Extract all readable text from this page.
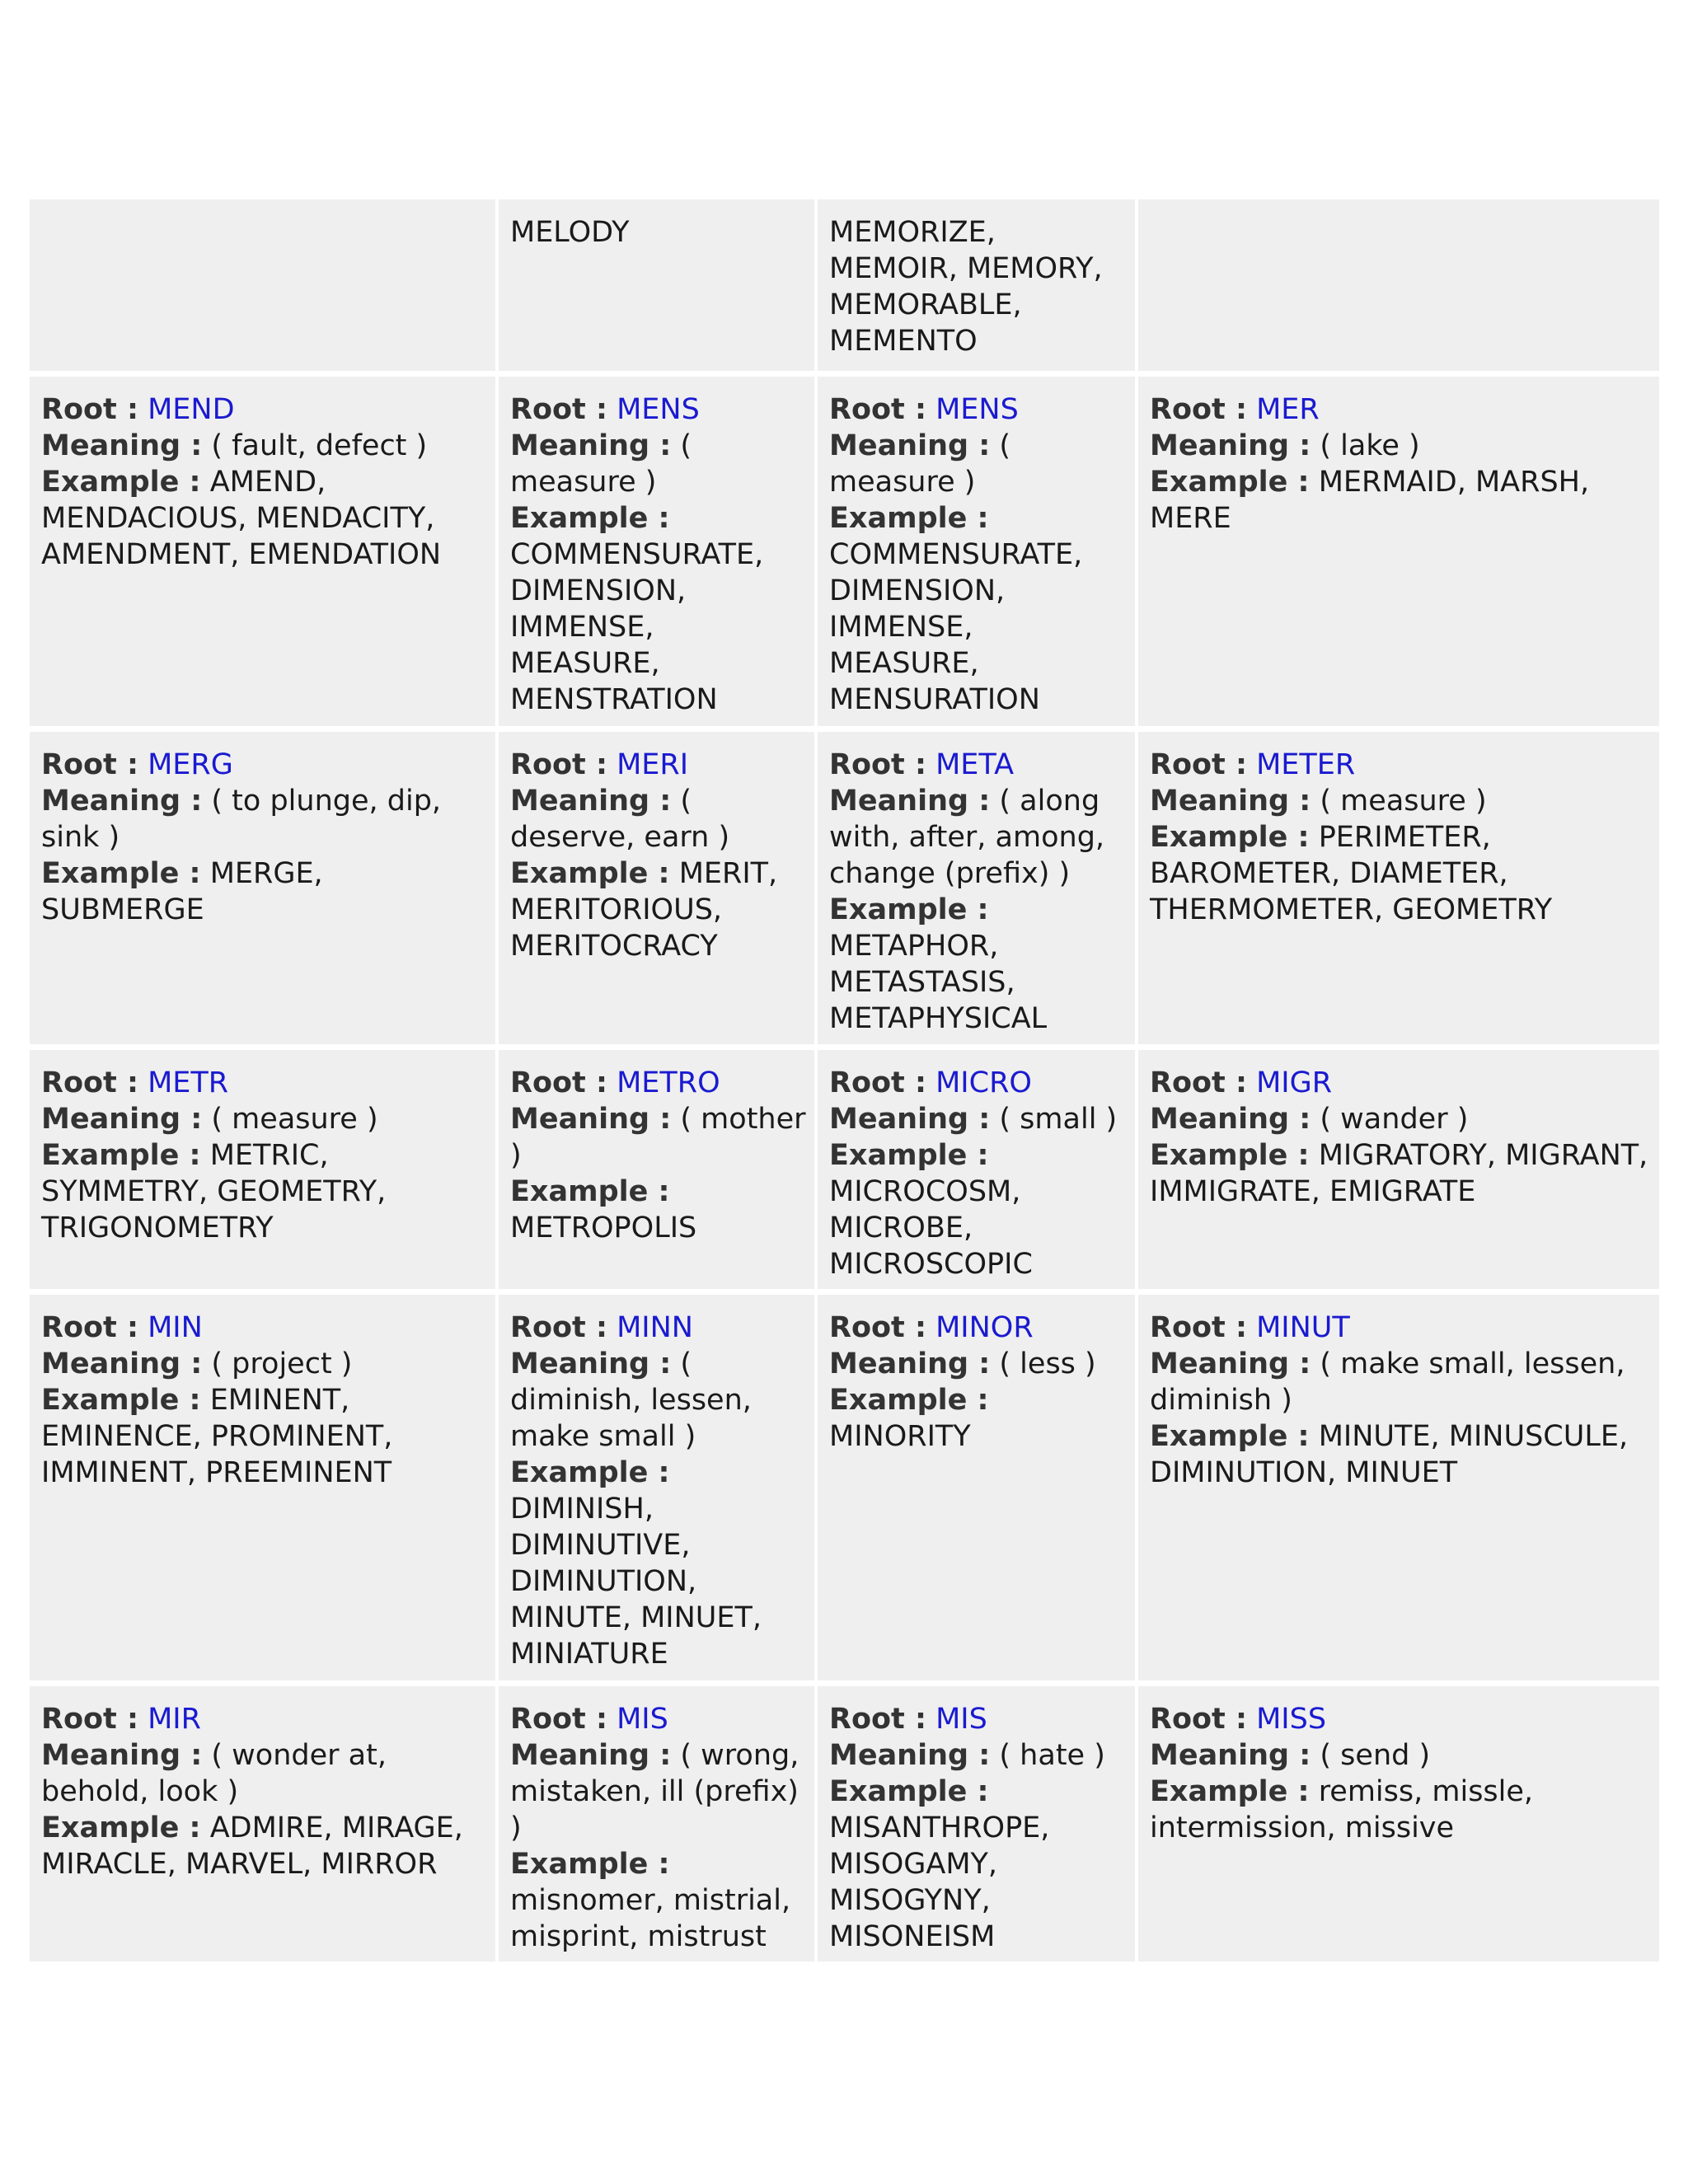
MELODY	MEMORIZE, MEMOIR, MEMORY, MEMORABLE, MEMENTO
Root : MEND
Meaning : ( fault, defect )
Example : AMEND, MENDACIOUS, MENDACITY, AMENDMENT, EMENDATION
Root : MENS
Meaning : ( measure )
Example : COMMENSURATE, DIMENSION, IMMENSE, MEASURE, MENSTRATION
Root : MENS
Meaning : ( measure )
Example : COMMENSURATE, DIMENSION, IMMENSE, MEASURE, MENSURATION
Root : MER
Meaning : ( lake )
Example : MERMAID, MARSH, MERE
Root : MERG
Meaning : ( to plunge, dip, sink )
Example : MERGE, SUBMERGE
Root : MERI
Meaning : ( deserve, earn )
Example : MERIT, MERITORIOUS, MERITOCRACY
Root : META
Meaning : ( along with, after, among, change (prefix) )
Example : METAPHOR, METASTASIS, METAPHYSICAL
Root : METER
Meaning : ( measure )
Example : PERIMETER, BAROMETER, DIAMETER, THERMOMETER, GEOMETRY
Root : METR
Meaning : ( measure )
Example : METRIC, SYMMETRY, GEOMETRY, TRIGONOMETRY
Root : METRO
Meaning : ( mother )
Example : METROPOLIS
Root : MICRO
Meaning : ( small )
Example : MICROCOSM, MICROBE, MICROSCOPIC
Root : MIGR
Meaning : ( wander )
Example : MIGRATORY, MIGRANT, IMMIGRATE, EMIGRATE
Root : MIN
Meaning : ( project )
Example : EMINENT, EMINENCE, PROMINENT, IMMINENT, PREEMINENT
Root : MINN
Meaning : ( diminish, lessen, make small )
Example : DIMINISH, DIMINUTIVE, DIMINUTION, MINUTE, MINUET, MINIATURE
Root : MINOR
Meaning : ( less )
Example : MINORITY
Root : MINUT
Meaning : ( make small, lessen, diminish )
Example : MINUTE, MINUSCULE, DIMINUTION, MINUET
Root : MIR
Meaning : ( wonder at, behold, look )
Example : ADMIRE, MIRAGE, MIRACLE, MARVEL, MIRROR
Root : MIS
Meaning : ( wrong, mistaken, ill (prefix) )
Example : misnomer, mistrial, misprint, mistrust
Root : MIS
Meaning : ( hate )
Example : MISANTHROPE, MISOGAMY, MISOGYNY, MISONEISM
Root : MISS
Meaning : ( send )
Example : remiss, missle, intermission, missive
